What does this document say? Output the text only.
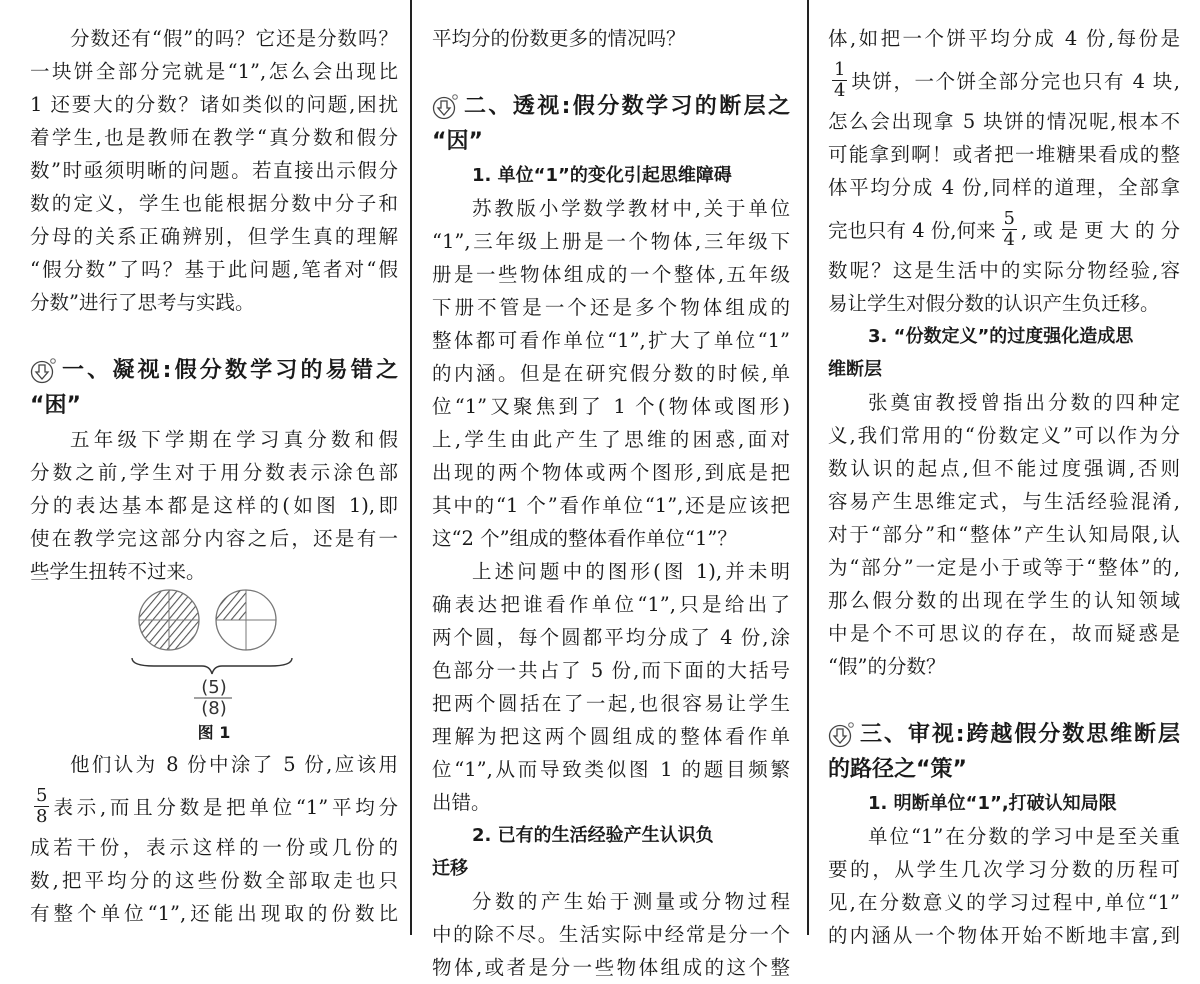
分数还有“假”的吗？它还是分数吗？
一块饼全部分完就是“1”,怎么会出现比
1 还要大的分数？诸如类似的问题,困扰
着学生,也是教师在教学“真分数和假分
数”时亟须明晰的问题。若直接出示假分
数的定义，学生也能根据分数中分子和
分母的关系正确辨别，但学生真的理解
“假分数”了吗？基于此问题,笔者对“假
分数”进行了思考与实践。
一、凝视:假分数学习的易错之
“困”
五年级下学期在学习真分数和假
分数之前,学生对于用分数表示涂色部
分的表达基本都是这样的(如图 1),即
使在教学完这部分内容之后，还是有一
些学生扭转不过来。
(5)
(8)
图 1
他们认为 8 份中涂了 5 份,应该用
$\frac{5}{8}$ 表示,而且分数是把单位“1”平均分
成若干份，表示这样的一份或几份的
数,把平均分的这些份数全部取走也只
有整个单位“1”,还能出现取的份数比
平均分的份数更多的情况吗？
二、透视:假分数学习的断层之
“因”
1. 单位“1”的变化引起思维障碍
苏教版小学数学教材中,关于单位
“1”,三年级上册是一个物体,三年级下
册是一些物体组成的一个整体,五年级
下册不管是一个还是多个物体组成的
整体都可看作单位“1”,扩大了单位“1”
的内涵。但是在研究假分数的时候,单
位“1”又聚焦到了 1 个(物体或图形)
上,学生由此产生了思维的困惑,面对
出现的两个物体或两个图形,到底是把
其中的“1 个”看作单位“1”,还是应该把
这“2 个”组成的整体看作单位“1”？
上述问题中的图形(图 1),并未明
确表达把谁看作单位“1”,只是给出了
两个圆，每个圆都平均分成了 4 份,涂
色部分一共占了 5 份,而下面的大括号
把两个圆括在了一起,也很容易让学生
理解为把这两个圆组成的整体看作单
位“1”,从而导致类似图 1 的题目频繁
出错。
2. 已有的生活经验产生认识负
迁移
分数的产生始于测量或分物过程
中的除不尽。生活实际中经常是分一个
物体,或者是分一些物体组成的这个整
体,如把一个饼平均分成 4 份,每份是
$\frac{1}{4}$ 块饼，一个饼全部分完也只有 4 块,
怎么会出现拿 5 块饼的情况呢,根本不
可能拿到啊！或者把一堆糖果看成的整
体平均分成 4 份,同样的道理，全部拿
完也只有 4 份,何来 $\frac{5}{4}$ ,或是更大的分
数呢？这是生活中的实际分物经验,容
易让学生对假分数的认识产生负迁移。
3. “份数定义”的过度强化造成思
维断层
张奠宙教授曾指出分数的四种定
义,我们常用的“份数定义”可以作为分
数认识的起点,但不能过度强调,否则
容易产生思维定式，与生活经验混淆,
对于“部分”和“整体”产生认知局限,认
为“部分”一定是小于或等于“整体”的,
那么假分数的出现在学生的认知领域
中是个不可思议的存在，故而疑惑是
“假”的分数？
三、审视:跨越假分数思维断层
的路径之“策”
1. 明断单位“1”,打破认知局限
单位“1”在分数的学习中是至关重
要的，从学生几次学习分数的历程可
见,在分数意义的学习过程中,单位“1”
的内涵从一个物体开始不断地丰富,到
